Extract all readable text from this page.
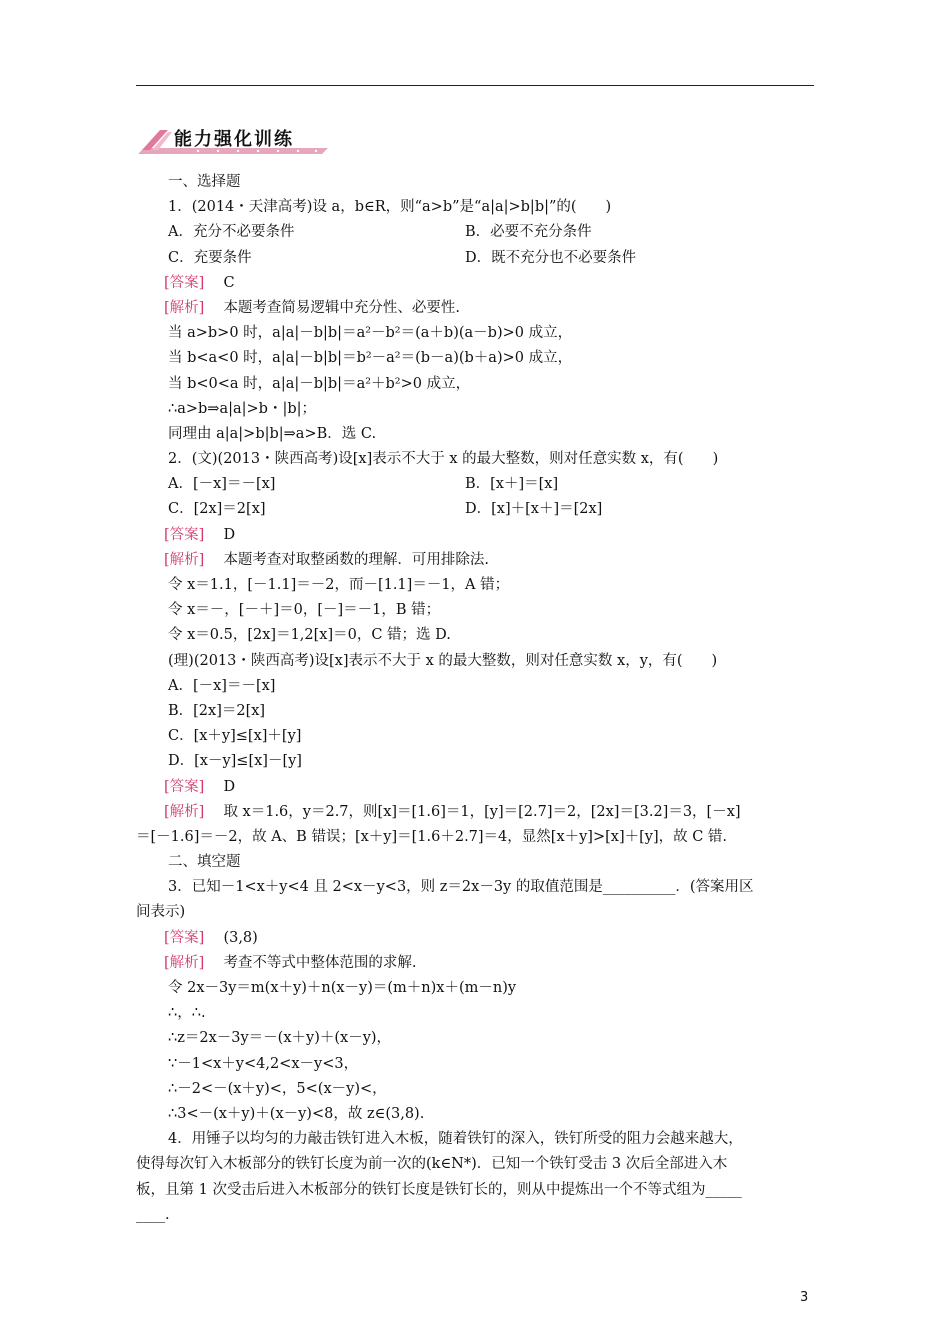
能力强化训练
一、选择题
1．(2014・天津高考)设 a，b∈R，则“a>b”是“a|a|>b|b|”的(　　)
A．充分不必要条件	B．必要不充分条件
C．充要条件	D．既不充分也不必要条件
[答案]　 C
[解析]　 本题考查简易逻辑中充分性、必要性.
当 a>b>0 时，a|a|－b|b|＝a²－b²＝(a＋b)(a－b)>0 成立，
当 b<a<0 时，a|a|－b|b|＝b²－a²＝(b－a)(b＋a)>0 成立，
当 b<0<a 时，a|a|－b|b|＝a²＋b²>0 成立，
∴a>b⇒a|a|>b・|b|；
同理由 a|a|>b|b|⇒a>B．选 C.
2．(文)(2013・陕西高考)设[x]表示不大于 x 的最大整数，则对任意实数 x，有(　　)
A．[－x]＝－[x]	B．[x＋]＝[x]
C．[2x]＝2[x]	D．[x]＋[x＋]＝[2x]
[答案]　 D
[解析]　 本题考查对取整函数的理解．可用排除法.
令 x＝1.1，[－1.1]＝－2，而－[1.1]＝－1，A 错；
令 x＝－，[－＋]＝0，[－]＝－1，B 错；
令 x＝0.5，[2x]＝1,2[x]＝0，C 错；选 D.
(理)(2013・陕西高考)设[x]表示不大于 x 的最大整数，则对任意实数 x，y，有(　　)
A．[－x]＝－[x]
B．[2x]＝2[x]
C．[x＋y]≤[x]＋[y]
D．[x－y]≤[x]－[y]
[答案]　 D
[解析]　 取 x＝1.6，y＝2.7，则[x]＝[1.6]＝1，[y]＝[2.7]＝2，[2x]＝[3.2]＝3，[－x]
＝[－1.6]＝－2，故 A、B 错误；[x＋y]＝[1.6＋2.7]＝4，显然[x＋y]>[x]＋[y]，故 C 错.
二、填空题
3．已知－1<x＋y<4 且 2<x－y<3，则 z＝2x－3y 的取值范围是__________．(答案用区
间表示)
[答案]　 (3,8)
[解析]　 考查不等式中整体范围的求解.
令 2x－3y＝m(x＋y)＋n(x－y)＝(m＋n)x＋(m－n)y
∴，∴.
∴z＝2x－3y＝－(x＋y)＋(x－y)，
∵－1<x＋y<4,2<x－y<3，
∴－2<－(x＋y)<，5<(x－y)<，
∴3<－(x＋y)＋(x－y)<8，故 z∈(3,8).
4．用锤子以均匀的力敲击铁钉进入木板，随着铁钉的深入，铁钉所受的阻力会越来越大，
使得每次钉入木板部分的铁钉长度为前一次的(k∈N*)．已知一个铁钉受击 3 次后全部进入木
板，且第 1 次受击后进入木板部分的铁钉长度是铁钉长的，则从中提炼出一个不等式组为_____
____.
3
